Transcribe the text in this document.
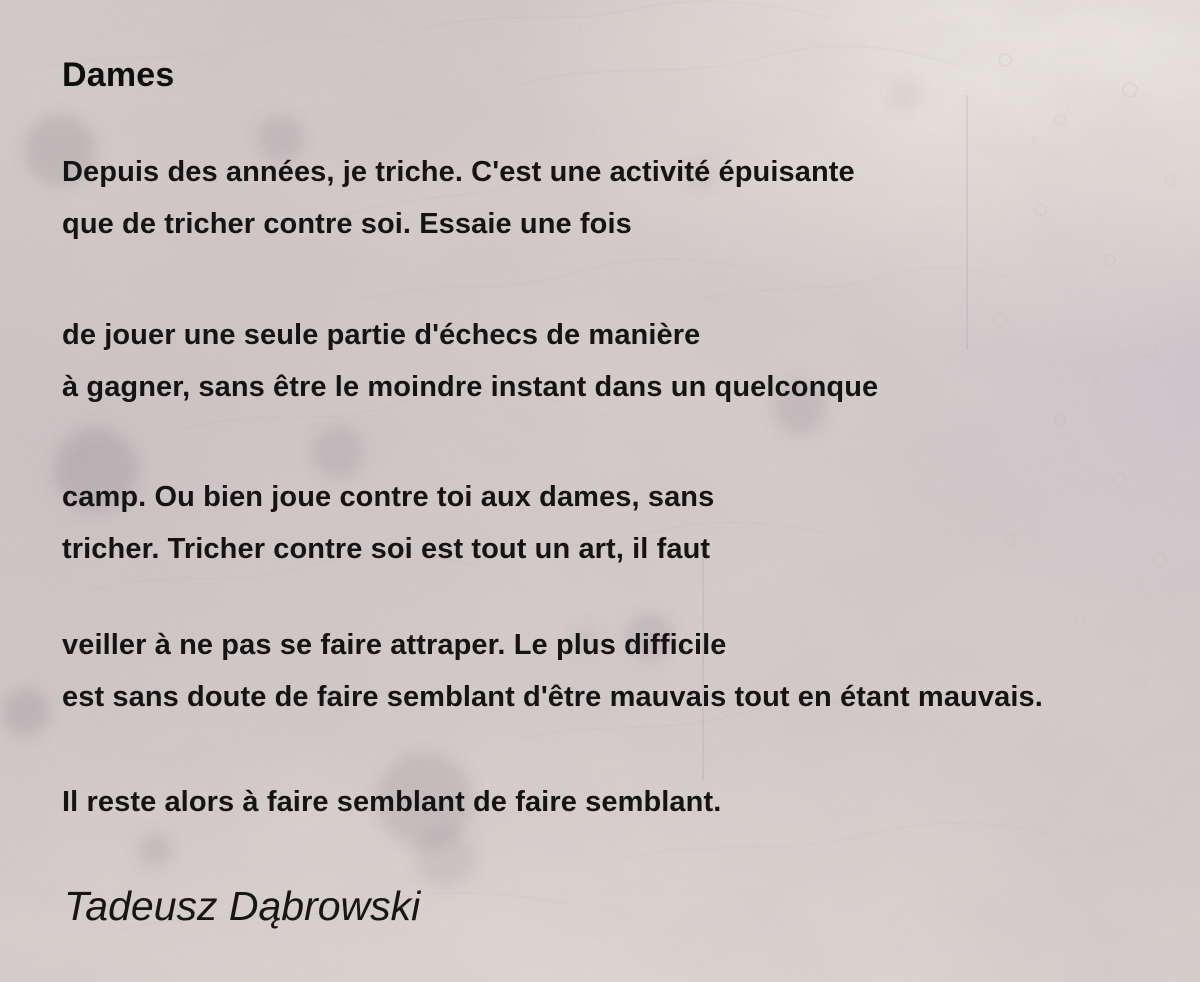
Dames
Depuis des années, je triche. C'est une activité épuisante
que de tricher contre soi. Essaie une fois
de jouer une seule partie d'échecs de manière
à gagner, sans être le moindre instant dans un quelconque
camp. Ou bien joue contre toi aux dames, sans
tricher. Tricher contre soi est tout un art, il faut
veiller à ne pas se faire attraper. Le plus difficile
est sans doute de faire semblant d'être mauvais tout en étant mauvais.
Il reste alors à faire semblant de faire semblant.
Tadeusz Dąbrowski
